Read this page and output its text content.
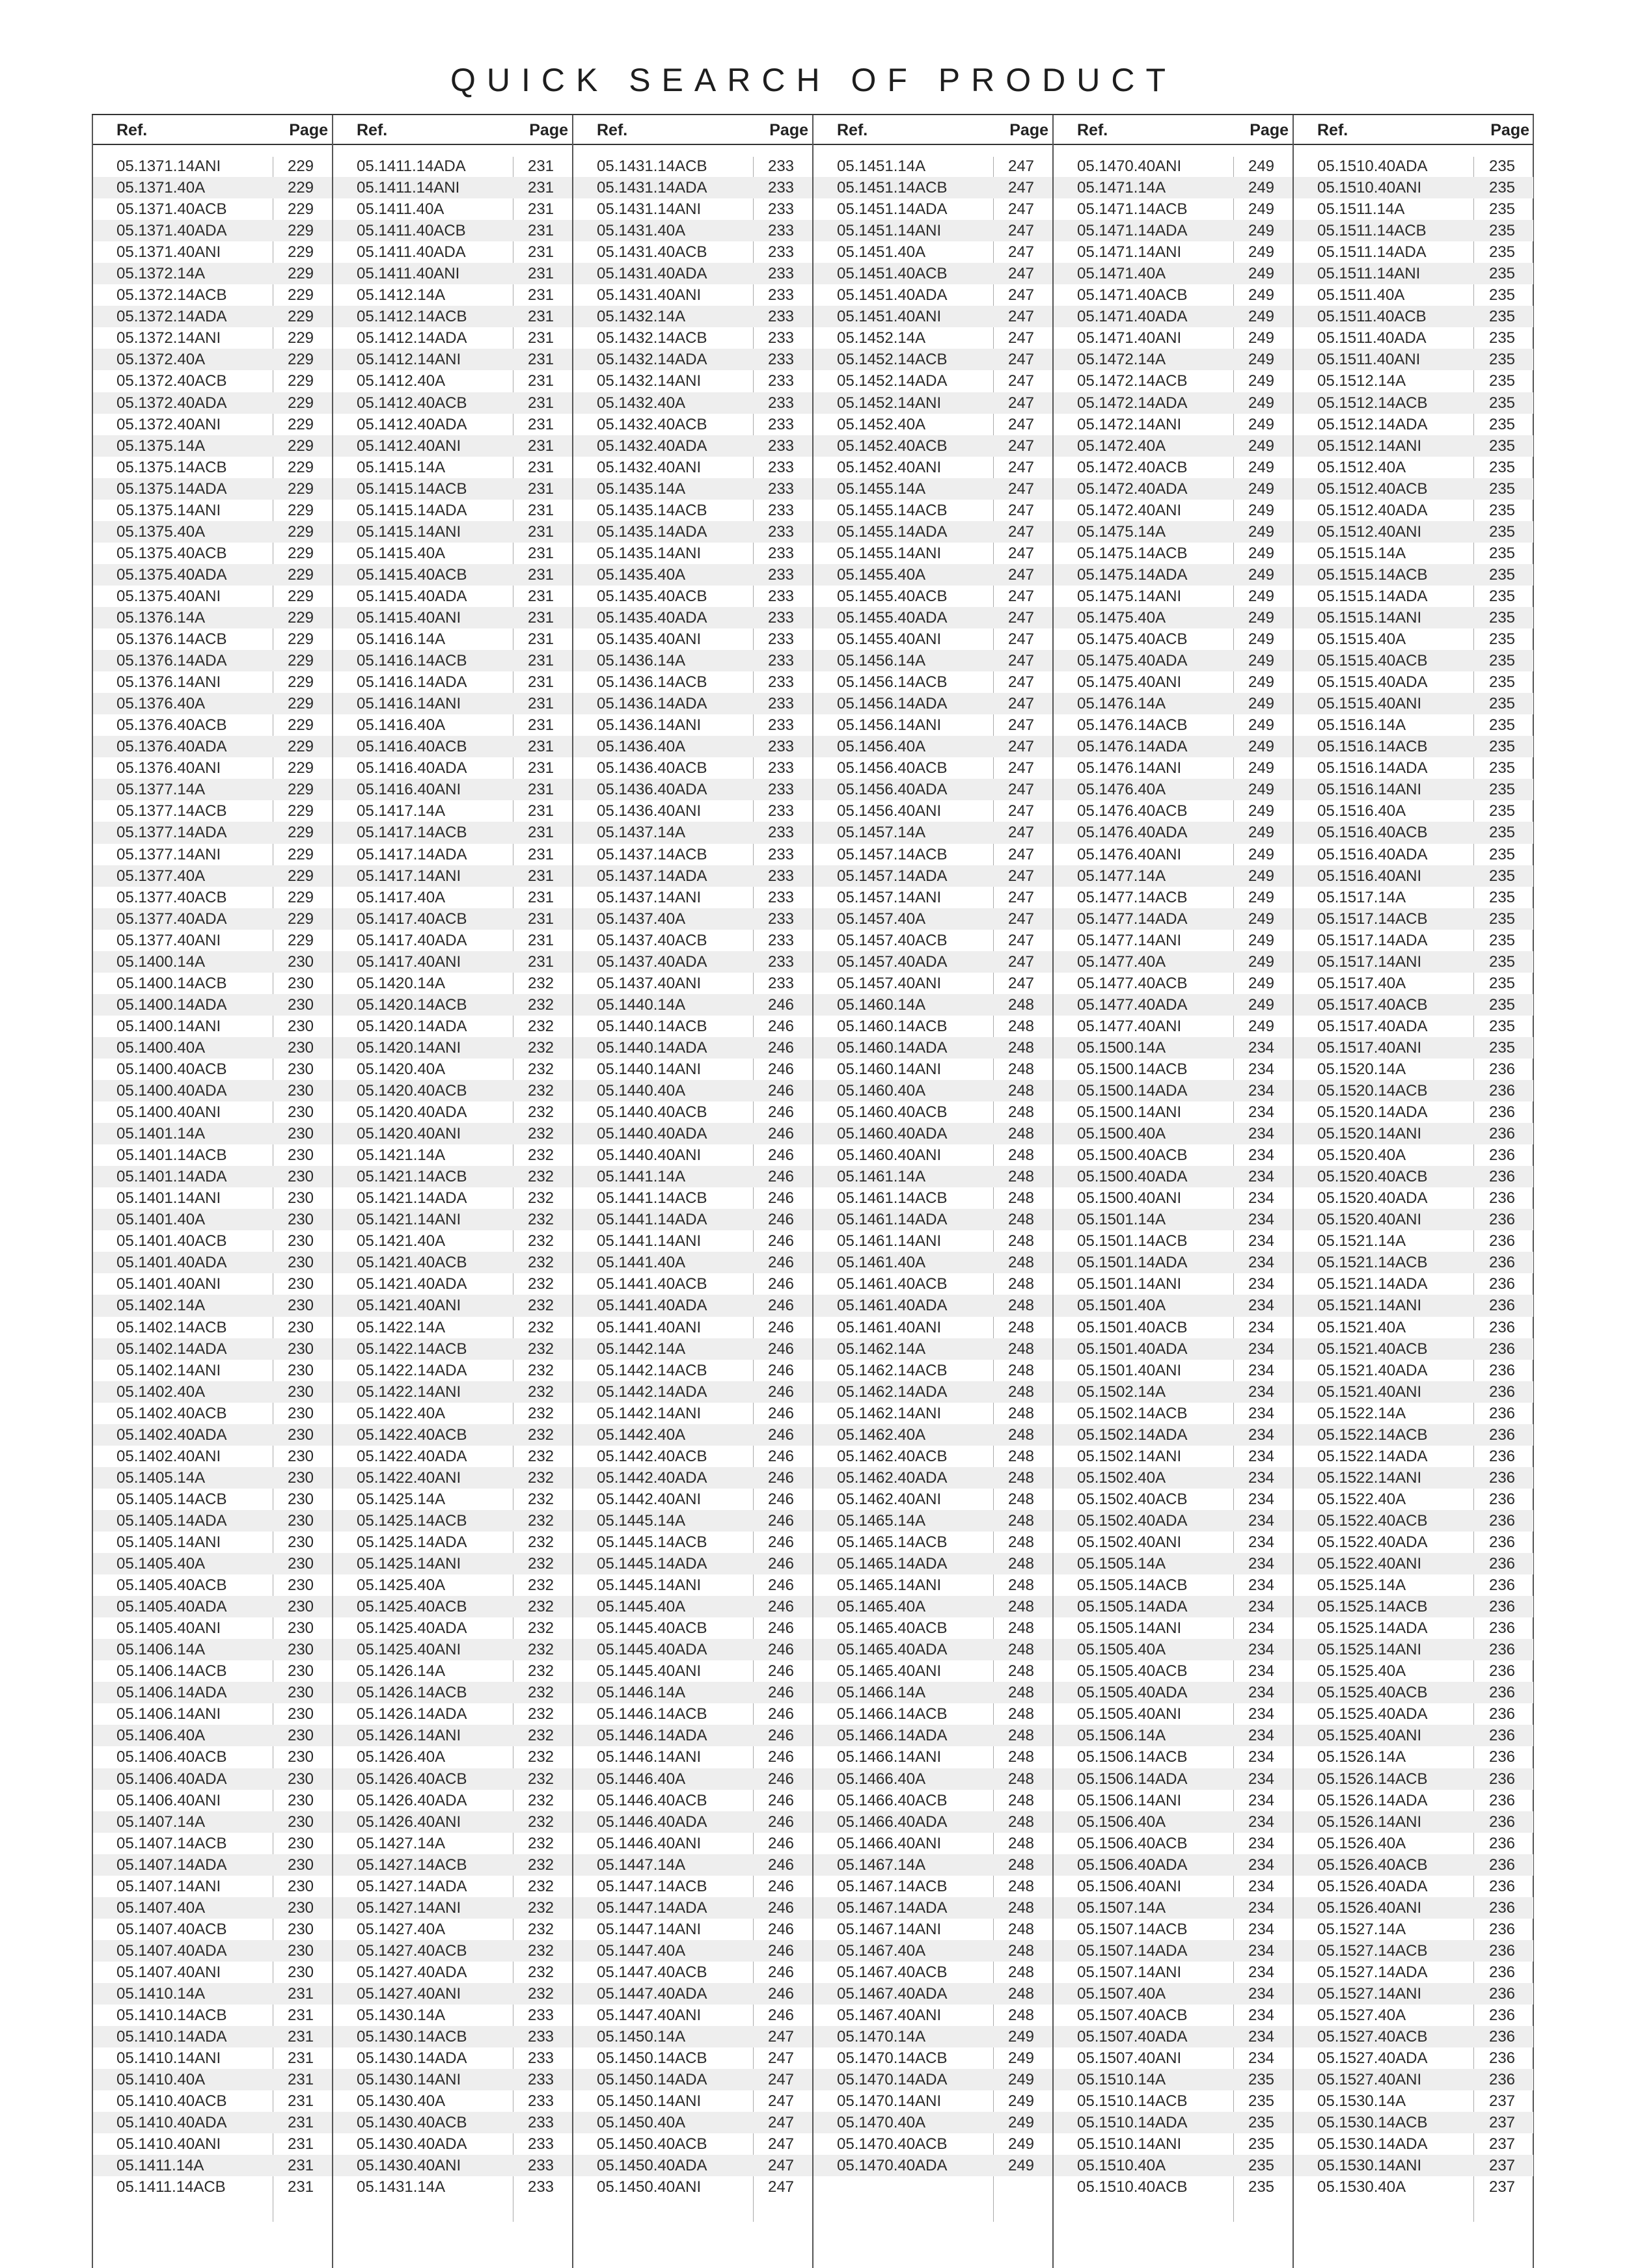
QUICK SEARCH OF PRODUCT
Ref.	Page
05.1371.14ANI	229
05.1371.40A	229
05.1371.40ACB	229
05.1371.40ADA	229
05.1371.40ANI	229
05.1372.14A	229
05.1372.14ACB	229
05.1372.14ADA	229
05.1372.14ANI	229
05.1372.40A	229
05.1372.40ACB	229
05.1372.40ADA	229
05.1372.40ANI	229
05.1375.14A	229
05.1375.14ACB	229
05.1375.14ADA	229
05.1375.14ANI	229
05.1375.40A	229
05.1375.40ACB	229
05.1375.40ADA	229
05.1375.40ANI	229
05.1376.14A	229
05.1376.14ACB	229
05.1376.14ADA	229
05.1376.14ANI	229
05.1376.40A	229
05.1376.40ACB	229
05.1376.40ADA	229
05.1376.40ANI	229
05.1377.14A	229
05.1377.14ACB	229
05.1377.14ADA	229
05.1377.14ANI	229
05.1377.40A	229
05.1377.40ACB	229
05.1377.40ADA	229
05.1377.40ANI	229
05.1400.14A	230
05.1400.14ACB	230
05.1400.14ADA	230
05.1400.14ANI	230
05.1400.40A	230
05.1400.40ACB	230
05.1400.40ADA	230
05.1400.40ANI	230
05.1401.14A	230
05.1401.14ACB	230
05.1401.14ADA	230
05.1401.14ANI	230
05.1401.40A	230
05.1401.40ACB	230
05.1401.40ADA	230
05.1401.40ANI	230
05.1402.14A	230
05.1402.14ACB	230
05.1402.14ADA	230
05.1402.14ANI	230
05.1402.40A	230
05.1402.40ACB	230
05.1402.40ADA	230
05.1402.40ANI	230
05.1405.14A	230
05.1405.14ACB	230
05.1405.14ADA	230
05.1405.14ANI	230
05.1405.40A	230
05.1405.40ACB	230
05.1405.40ADA	230
05.1405.40ANI	230
05.1406.14A	230
05.1406.14ACB	230
05.1406.14ADA	230
05.1406.14ANI	230
05.1406.40A	230
05.1406.40ACB	230
05.1406.40ADA	230
05.1406.40ANI	230
05.1407.14A	230
05.1407.14ACB	230
05.1407.14ADA	230
05.1407.14ANI	230
05.1407.40A	230
05.1407.40ACB	230
05.1407.40ADA	230
05.1407.40ANI	230
05.1410.14A	231
05.1410.14ACB	231
05.1410.14ADA	231
05.1410.14ANI	231
05.1410.40A	231
05.1410.40ACB	231
05.1410.40ADA	231
05.1410.40ANI	231
05.1411.14A	231
05.1411.14ACB	231
Ref.	Page
05.1411.14ADA	231
05.1411.14ANI	231
05.1411.40A	231
05.1411.40ACB	231
05.1411.40ADA	231
05.1411.40ANI	231
05.1412.14A	231
05.1412.14ACB	231
05.1412.14ADA	231
05.1412.14ANI	231
05.1412.40A	231
05.1412.40ACB	231
05.1412.40ADA	231
05.1412.40ANI	231
05.1415.14A	231
05.1415.14ACB	231
05.1415.14ADA	231
05.1415.14ANI	231
05.1415.40A	231
05.1415.40ACB	231
05.1415.40ADA	231
05.1415.40ANI	231
05.1416.14A	231
05.1416.14ACB	231
05.1416.14ADA	231
05.1416.14ANI	231
05.1416.40A	231
05.1416.40ACB	231
05.1416.40ADA	231
05.1416.40ANI	231
05.1417.14A	231
05.1417.14ACB	231
05.1417.14ADA	231
05.1417.14ANI	231
05.1417.40A	231
05.1417.40ACB	231
05.1417.40ADA	231
05.1417.40ANI	231
05.1420.14A	232
05.1420.14ACB	232
05.1420.14ADA	232
05.1420.14ANI	232
05.1420.40A	232
05.1420.40ACB	232
05.1420.40ADA	232
05.1420.40ANI	232
05.1421.14A	232
05.1421.14ACB	232
05.1421.14ADA	232
05.1421.14ANI	232
05.1421.40A	232
05.1421.40ACB	232
05.1421.40ADA	232
05.1421.40ANI	232
05.1422.14A	232
05.1422.14ACB	232
05.1422.14ADA	232
05.1422.14ANI	232
05.1422.40A	232
05.1422.40ACB	232
05.1422.40ADA	232
05.1422.40ANI	232
05.1425.14A	232
05.1425.14ACB	232
05.1425.14ADA	232
05.1425.14ANI	232
05.1425.40A	232
05.1425.40ACB	232
05.1425.40ADA	232
05.1425.40ANI	232
05.1426.14A	232
05.1426.14ACB	232
05.1426.14ADA	232
05.1426.14ANI	232
05.1426.40A	232
05.1426.40ACB	232
05.1426.40ADA	232
05.1426.40ANI	232
05.1427.14A	232
05.1427.14ACB	232
05.1427.14ADA	232
05.1427.14ANI	232
05.1427.40A	232
05.1427.40ACB	232
05.1427.40ADA	232
05.1427.40ANI	232
05.1430.14A	233
05.1430.14ACB	233
05.1430.14ADA	233
05.1430.14ANI	233
05.1430.40A	233
05.1430.40ACB	233
05.1430.40ADA	233
05.1430.40ANI	233
05.1431.14A	233
Ref.	Page
05.1431.14ACB	233
05.1431.14ADA	233
05.1431.14ANI	233
05.1431.40A	233
05.1431.40ACB	233
05.1431.40ADA	233
05.1431.40ANI	233
05.1432.14A	233
05.1432.14ACB	233
05.1432.14ADA	233
05.1432.14ANI	233
05.1432.40A	233
05.1432.40ACB	233
05.1432.40ADA	233
05.1432.40ANI	233
05.1435.14A	233
05.1435.14ACB	233
05.1435.14ADA	233
05.1435.14ANI	233
05.1435.40A	233
05.1435.40ACB	233
05.1435.40ADA	233
05.1435.40ANI	233
05.1436.14A	233
05.1436.14ACB	233
05.1436.14ADA	233
05.1436.14ANI	233
05.1436.40A	233
05.1436.40ACB	233
05.1436.40ADA	233
05.1436.40ANI	233
05.1437.14A	233
05.1437.14ACB	233
05.1437.14ADA	233
05.1437.14ANI	233
05.1437.40A	233
05.1437.40ACB	233
05.1437.40ADA	233
05.1437.40ANI	233
05.1440.14A	246
05.1440.14ACB	246
05.1440.14ADA	246
05.1440.14ANI	246
05.1440.40A	246
05.1440.40ACB	246
05.1440.40ADA	246
05.1440.40ANI	246
05.1441.14A	246
05.1441.14ACB	246
05.1441.14ADA	246
05.1441.14ANI	246
05.1441.40A	246
05.1441.40ACB	246
05.1441.40ADA	246
05.1441.40ANI	246
05.1442.14A	246
05.1442.14ACB	246
05.1442.14ADA	246
05.1442.14ANI	246
05.1442.40A	246
05.1442.40ACB	246
05.1442.40ADA	246
05.1442.40ANI	246
05.1445.14A	246
05.1445.14ACB	246
05.1445.14ADA	246
05.1445.14ANI	246
05.1445.40A	246
05.1445.40ACB	246
05.1445.40ADA	246
05.1445.40ANI	246
05.1446.14A	246
05.1446.14ACB	246
05.1446.14ADA	246
05.1446.14ANI	246
05.1446.40A	246
05.1446.40ACB	246
05.1446.40ADA	246
05.1446.40ANI	246
05.1447.14A	246
05.1447.14ACB	246
05.1447.14ADA	246
05.1447.14ANI	246
05.1447.40A	246
05.1447.40ACB	246
05.1447.40ADA	246
05.1447.40ANI	246
05.1450.14A	247
05.1450.14ACB	247
05.1450.14ADA	247
05.1450.14ANI	247
05.1450.40A	247
05.1450.40ACB	247
05.1450.40ADA	247
05.1450.40ANI	247
Ref.	Page
05.1451.14A	247
05.1451.14ACB	247
05.1451.14ADA	247
05.1451.14ANI	247
05.1451.40A	247
05.1451.40ACB	247
05.1451.40ADA	247
05.1451.40ANI	247
05.1452.14A	247
05.1452.14ACB	247
05.1452.14ADA	247
05.1452.14ANI	247
05.1452.40A	247
05.1452.40ACB	247
05.1452.40ANI	247
05.1455.14A	247
05.1455.14ACB	247
05.1455.14ADA	247
05.1455.14ANI	247
05.1455.40A	247
05.1455.40ACB	247
05.1455.40ADA	247
05.1455.40ANI	247
05.1456.14A	247
05.1456.14ACB	247
05.1456.14ADA	247
05.1456.14ANI	247
05.1456.40A	247
05.1456.40ACB	247
05.1456.40ADA	247
05.1456.40ANI	247
05.1457.14A	247
05.1457.14ACB	247
05.1457.14ADA	247
05.1457.14ANI	247
05.1457.40A	247
05.1457.40ACB	247
05.1457.40ADA	247
05.1457.40ANI	247
05.1460.14A	248
05.1460.14ACB	248
05.1460.14ADA	248
05.1460.14ANI	248
05.1460.40A	248
05.1460.40ACB	248
05.1460.40ADA	248
05.1460.40ANI	248
05.1461.14A	248
05.1461.14ACB	248
05.1461.14ADA	248
05.1461.14ANI	248
05.1461.40A	248
05.1461.40ACB	248
05.1461.40ADA	248
05.1461.40ANI	248
05.1462.14A	248
05.1462.14ACB	248
05.1462.14ADA	248
05.1462.14ANI	248
05.1462.40A	248
05.1462.40ACB	248
05.1462.40ADA	248
05.1462.40ANI	248
05.1465.14A	248
05.1465.14ACB	248
05.1465.14ADA	248
05.1465.14ANI	248
05.1465.40A	248
05.1465.40ACB	248
05.1465.40ADA	248
05.1465.40ANI	248
05.1466.14A	248
05.1466.14ACB	248
05.1466.14ADA	248
05.1466.14ANI	248
05.1466.40A	248
05.1466.40ACB	248
05.1466.40ADA	248
05.1466.40ANI	248
05.1467.14A	248
05.1467.14ACB	248
05.1467.14ADA	248
05.1467.14ANI	248
05.1467.40A	248
05.1467.40ACB	248
05.1467.40ADA	248
05.1467.40ANI	248
05.1470.14A	249
05.1470.14ACB	249
05.1470.14ADA	249
05.1470.14ANI	249
05.1470.40A	249
05.1470.40ACB	249
05.1470.40ADA	249
Ref.	Page
05.1470.40ANI	249
05.1471.14A	249
05.1471.14ACB	249
05.1471.14ADA	249
05.1471.14ANI	249
05.1471.40A	249
05.1471.40ACB	249
05.1471.40ADA	249
05.1471.40ANI	249
05.1472.14A	249
05.1472.14ACB	249
05.1472.14ADA	249
05.1472.14ANI	249
05.1472.40A	249
05.1472.40ACB	249
05.1472.40ADA	249
05.1472.40ANI	249
05.1475.14A	249
05.1475.14ACB	249
05.1475.14ADA	249
05.1475.14ANI	249
05.1475.40A	249
05.1475.40ACB	249
05.1475.40ADA	249
05.1475.40ANI	249
05.1476.14A	249
05.1476.14ACB	249
05.1476.14ADA	249
05.1476.14ANI	249
05.1476.40A	249
05.1476.40ACB	249
05.1476.40ADA	249
05.1476.40ANI	249
05.1477.14A	249
05.1477.14ACB	249
05.1477.14ADA	249
05.1477.14ANI	249
05.1477.40A	249
05.1477.40ACB	249
05.1477.40ADA	249
05.1477.40ANI	249
05.1500.14A	234
05.1500.14ACB	234
05.1500.14ADA	234
05.1500.14ANI	234
05.1500.40A	234
05.1500.40ACB	234
05.1500.40ADA	234
05.1500.40ANI	234
05.1501.14A	234
05.1501.14ACB	234
05.1501.14ADA	234
05.1501.14ANI	234
05.1501.40A	234
05.1501.40ACB	234
05.1501.40ADA	234
05.1501.40ANI	234
05.1502.14A	234
05.1502.14ACB	234
05.1502.14ADA	234
05.1502.14ANI	234
05.1502.40A	234
05.1502.40ACB	234
05.1502.40ADA	234
05.1502.40ANI	234
05.1505.14A	234
05.1505.14ACB	234
05.1505.14ADA	234
05.1505.14ANI	234
05.1505.40A	234
05.1505.40ACB	234
05.1505.40ADA	234
05.1505.40ANI	234
05.1506.14A	234
05.1506.14ACB	234
05.1506.14ADA	234
05.1506.14ANI	234
05.1506.40A	234
05.1506.40ACB	234
05.1506.40ADA	234
05.1506.40ANI	234
05.1507.14A	234
05.1507.14ACB	234
05.1507.14ADA	234
05.1507.14ANI	234
05.1507.40A	234
05.1507.40ACB	234
05.1507.40ADA	234
05.1507.40ANI	234
05.1510.14A	235
05.1510.14ACB	235
05.1510.14ADA	235
05.1510.14ANI	235
05.1510.40A	235
05.1510.40ACB	235
Ref.	Page
05.1510.40ADA	235
05.1510.40ANI	235
05.1511.14A	235
05.1511.14ACB	235
05.1511.14ADA	235
05.1511.14ANI	235
05.1511.40A	235
05.1511.40ACB	235
05.1511.40ADA	235
05.1511.40ANI	235
05.1512.14A	235
05.1512.14ACB	235
05.1512.14ADA	235
05.1512.14ANI	235
05.1512.40A	235
05.1512.40ACB	235
05.1512.40ADA	235
05.1512.40ANI	235
05.1515.14A	235
05.1515.14ACB	235
05.1515.14ADA	235
05.1515.14ANI	235
05.1515.40A	235
05.1515.40ACB	235
05.1515.40ADA	235
05.1515.40ANI	235
05.1516.14A	235
05.1516.14ACB	235
05.1516.14ADA	235
05.1516.14ANI	235
05.1516.40A	235
05.1516.40ACB	235
05.1516.40ADA	235
05.1516.40ANI	235
05.1517.14A	235
05.1517.14ACB	235
05.1517.14ADA	235
05.1517.14ANI	235
05.1517.40A	235
05.1517.40ACB	235
05.1517.40ADA	235
05.1517.40ANI	235
05.1520.14A	236
05.1520.14ACB	236
05.1520.14ADA	236
05.1520.14ANI	236
05.1520.40A	236
05.1520.40ACB	236
05.1520.40ADA	236
05.1520.40ANI	236
05.1521.14A	236
05.1521.14ACB	236
05.1521.14ADA	236
05.1521.14ANI	236
05.1521.40A	236
05.1521.40ACB	236
05.1521.40ADA	236
05.1521.40ANI	236
05.1522.14A	236
05.1522.14ACB	236
05.1522.14ADA	236
05.1522.14ANI	236
05.1522.40A	236
05.1522.40ACB	236
05.1522.40ADA	236
05.1522.40ANI	236
05.1525.14A	236
05.1525.14ACB	236
05.1525.14ADA	236
05.1525.14ANI	236
05.1525.40A	236
05.1525.40ACB	236
05.1525.40ADA	236
05.1525.40ANI	236
05.1526.14A	236
05.1526.14ACB	236
05.1526.14ADA	236
05.1526.14ANI	236
05.1526.40A	236
05.1526.40ACB	236
05.1526.40ADA	236
05.1526.40ANI	236
05.1527.14A	236
05.1527.14ACB	236
05.1527.14ADA	236
05.1527.14ANI	236
05.1527.40A	236
05.1527.40ACB	236
05.1527.40ADA	236
05.1527.40ANI	236
05.1530.14A	237
05.1530.14ACB	237
05.1530.14ADA	237
05.1530.14ANI	237
05.1530.40A	237
